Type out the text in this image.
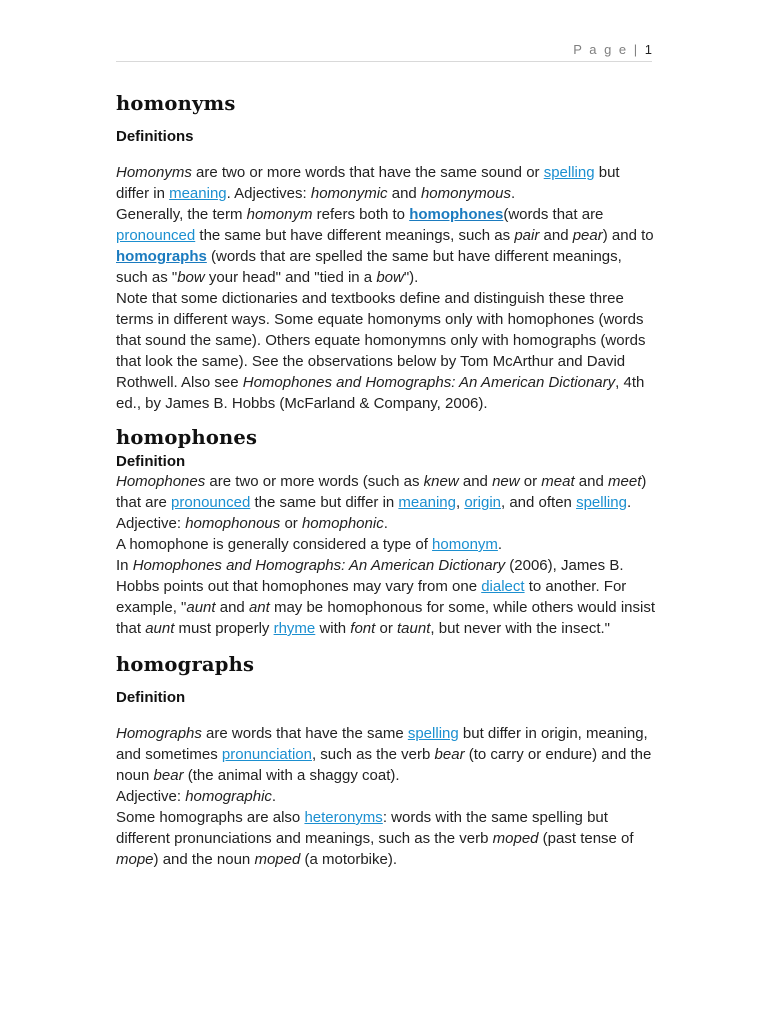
P a g e | 1
homonyms
Definitions

Homonyms are two or more words that have the same sound or spelling but differ in meaning. Adjectives: homonymic and homonymous.

Generally, the term homonym refers both to homophones(words that are pronounced the same but have different meanings, such as pair and pear) and to homographs (words that are spelled the same but have different meanings, such as "bow your head" and "tied in a bow").

Note that some dictionaries and textbooks define and distinguish these three terms in different ways. Some equate homonyms only with homophones (words that sound the same). Others equate homonymns only with homographs (words that look the same). See the observations below by Tom McArthur and David Rothwell. Also see Homophones and Homographs: An American Dictionary, 4th ed., by James B. Hobbs (McFarland & Company, 2006).

homophones
Definition

Homophones are two or more words (such as knew and new or meat and meet) that are pronounced the same but differ in meaning, origin, and often spelling. Adjective: homophonous or homophonic.

A homophone is generally considered a type of homonym.

In Homophones and Homographs: An American Dictionary (2006), James B. Hobbs points out that homophones may vary from one dialect to another. For example, "aunt and ant may be homophonous for some, while others would insist that aunt must properly rhyme with font or taunt, but never with the insect."

homographs
Definition

Homographs are words that have the same spelling but differ in origin, meaning, and sometimes pronunciation, such as the verb bear (to carry or endure) and the noun bear (the animal with a shaggy coat).

Adjective: homographic.

Some homographs are also heteronyms: words with the same spelling but different pronunciations and meanings, such as the verb moped (past tense of mope) and the noun moped (a motorbike).
